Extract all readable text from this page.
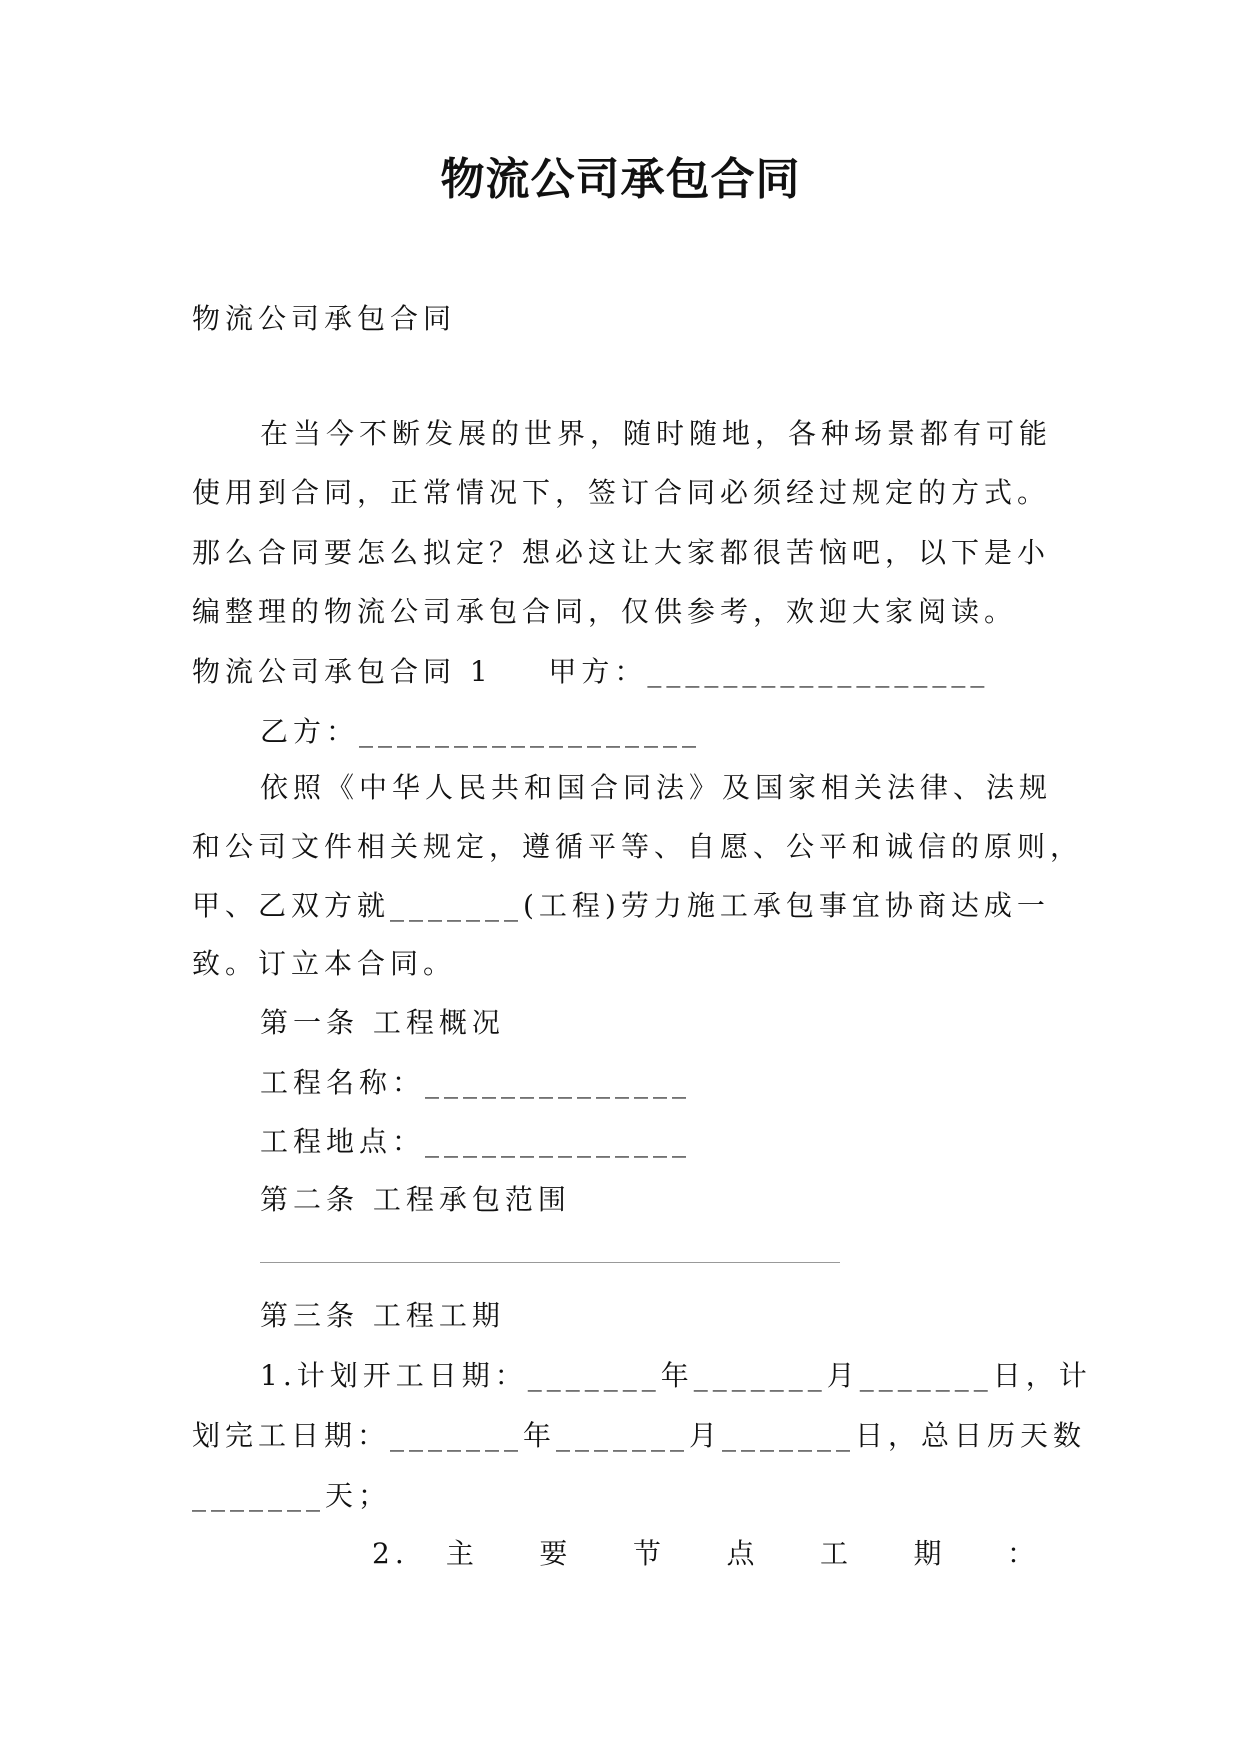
物流公司承包合同
物流公司承包合同
在当今不断发展的世界，随时随地，各种场景都有可能
使用到合同，正常情况下，签订合同必须经过规定的方式。
那么合同要怎么拟定？想必这让大家都很苦恼吧，以下是小
编整理的物流公司承包合同，仅供参考，欢迎大家阅读。
物流公司承包合同 1    甲方：__________________
乙方：__________________
依照《中华人民共和国合同法》及国家相关法律、法规
和公司文件相关规定，遵循平等、自愿、公平和诚信的原则，
甲、乙双方就_______(工程)劳力施工承包事宜协商达成一
致。订立本合同。
第一条 工程概况
工程名称：______________
工程地点：______________
第二条 工程承包范围
第三条 工程工期
1.计划开工日期：_______年_______月_______日，计
划完工日期：_______年_______月_______日，总日历天数
_______天；
2. 主 要 节 点 工 期 ：
